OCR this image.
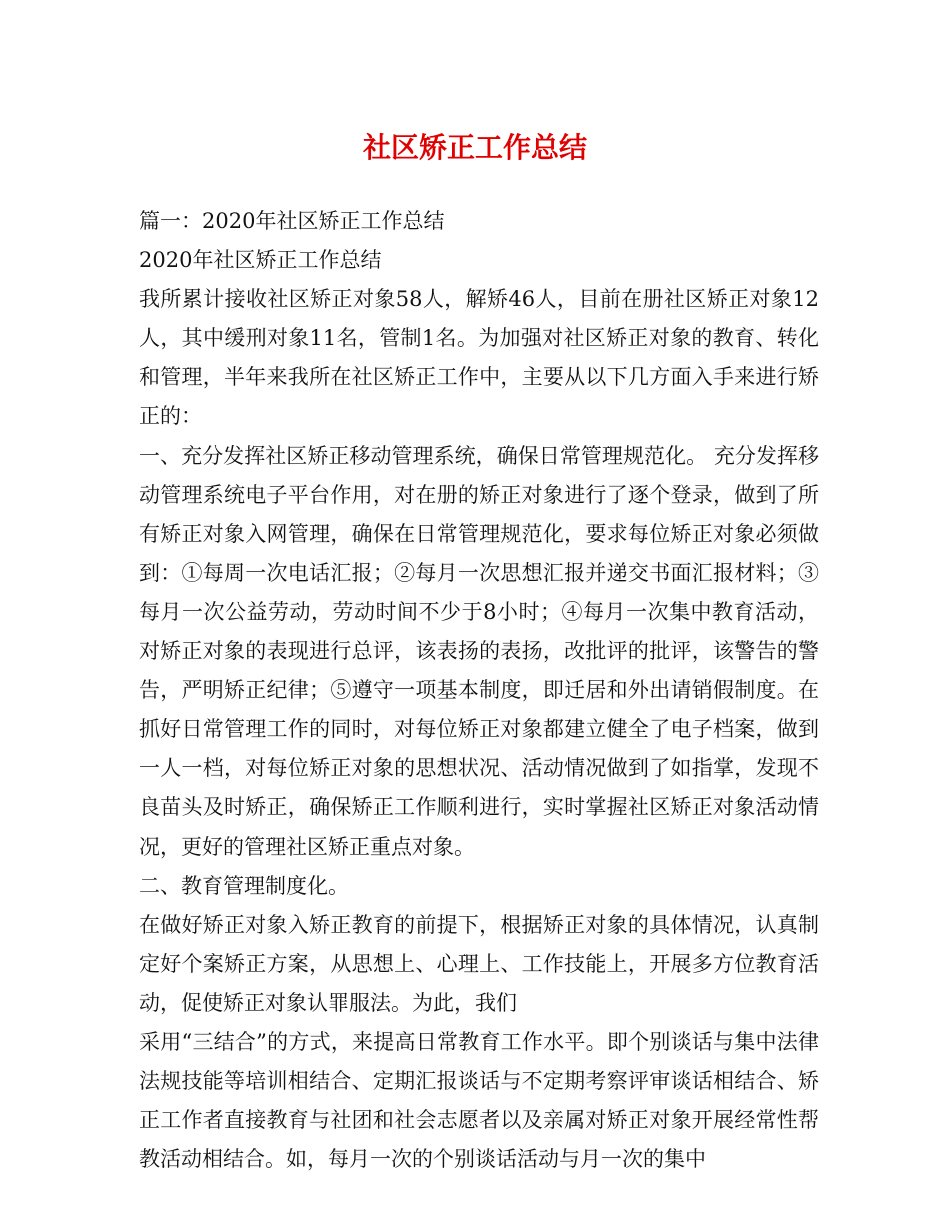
社区矫正工作总结

篇一：2020年社区矫正工作总结

2020年社区矫正工作总结

我所累计接收社区矫正对象58人，解矫46人，目前在册社区矫正对象12人，其中缓刑对象11名，管制1名。为加强对社区矫正对象的教育、转化和管理，半年来我所在社区矫正工作中，主要从以下几方面入手来进行矫正的：

一、充分发挥社区矫正移动管理系统，确保日常管理规范化。 充分发挥移动管理系统电子平台作用，对在册的矫正对象进行了逐个登录，做到了所有矫正对象入网管理，确保在日常管理规范化，要求每位矫正对象必须做到：①每周一次电话汇报；②每月一次思想汇报并递交书面汇报材料；③每月一次公益劳动，劳动时间不少于8小时；④每月一次集中教育活动，对矫正对象的表现进行总评，该表扬的表扬，改批评的批评，该警告的警告，严明矫正纪律；⑤遵守一项基本制度，即迁居和外出请销假制度。在抓好日常管理工作的同时，对每位矫正对象都建立健全了电子档案，做到一人一档，对每位矫正对象的思想状况、活动情况做到了如指掌，发现不良苗头及时矫正，确保矫正工作顺利进行，实时掌握社区矫正对象活动情况，更好的管理社区矫正重点对象。

二、教育管理制度化。

在做好矫正对象入矫正教育的前提下，根据矫正对象的具体情况，认真制定好个案矫正方案，从思想上、心理上、工作技能上，开展多方位教育活动，促使矫正对象认罪服法。为此，我们

采用“三结合”的方式，来提高日常教育工作水平。即个别谈话与集中法律法规技能等培训相结合、定期汇报谈话与不定期考察评审谈话相结合、矫正工作者直接教育与社团和社会志愿者以及亲属对矫正对象开展经常性帮教活动相结合。如，每月一次的个别谈话活动与月一次的集中
